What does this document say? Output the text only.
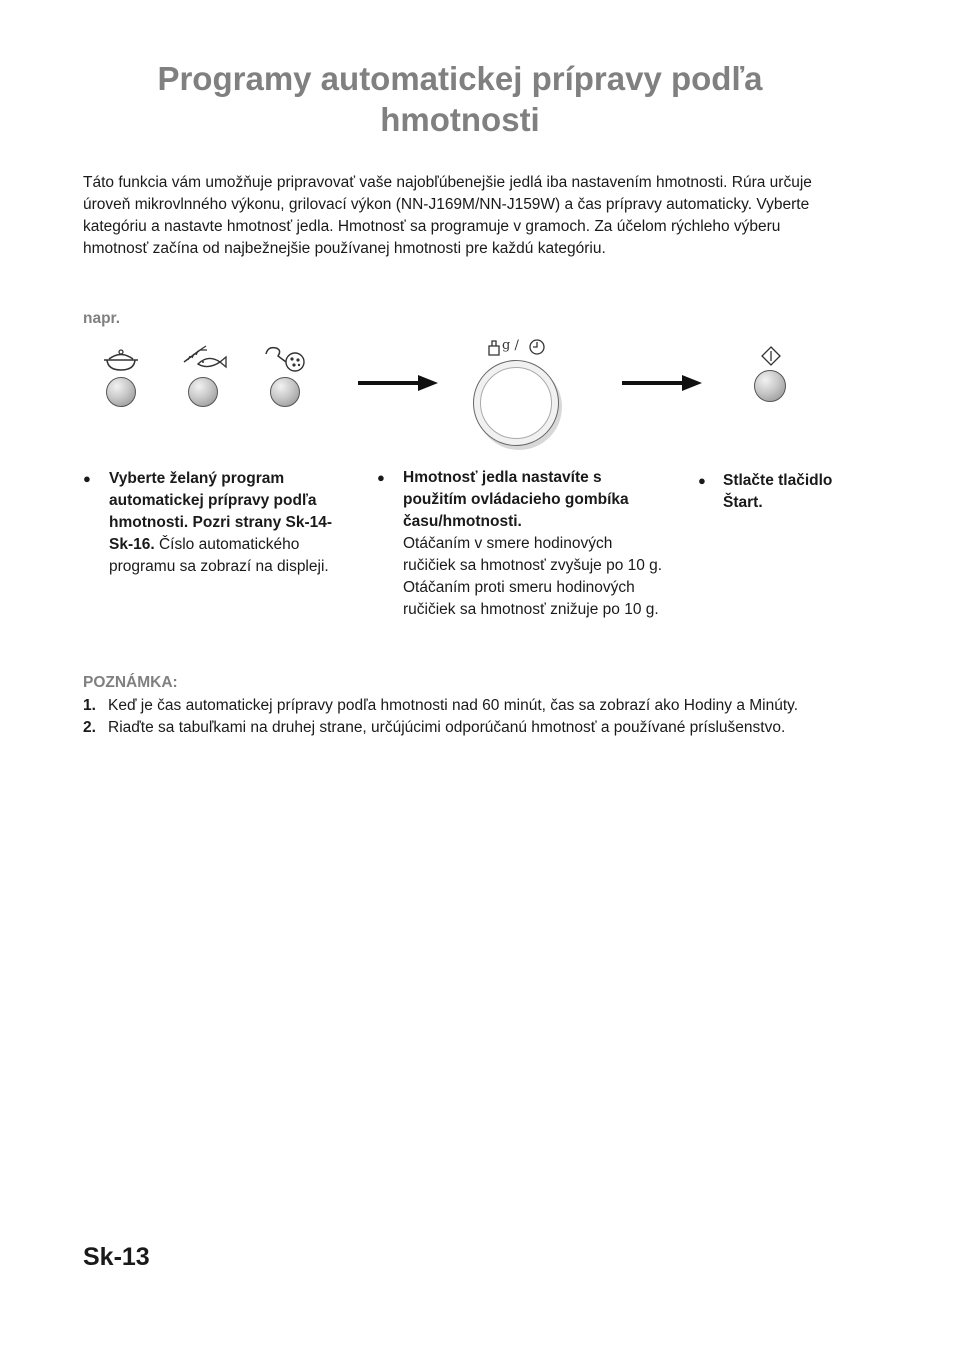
Programy automatickej prípravy podľa
hmotnosti

Táto funkcia vám umožňuje pripravovať vaše najobľúbenejšie jedlá iba nastavením hmotnosti. Rúra určuje úroveň mikrovlnného výkonu, grilovací výkon (NN-J169M/NN-J159W) a čas prípravy automaticky. Vyberte kategóriu a nastavte hmotnosť jedla. Hmotnosť sa programuje v gramoch. Za účelom rýchleho výberu hmotnosť začína od najbežnejšie používanej hmotnosti pre každú kategóriu.

napr.
g /
● Vyberte želaný program automatickej prípravy podľa hmotnosti. Pozri strany Sk-14- Sk-16. Číslo automatického programu sa zobrazí na displeji.
● Hmotnosť jedla nastavíte s použitím ovládacieho gombíka času/hmotnosti.
Otáčaním v smere hodinových ručičiek sa hmotnosť zvyšuje po 10 g. Otáčaním proti smeru hodinových ručičiek sa hmotnosť znižuje po 10 g.
● Stlačte tlačidlo Štart.
POZNÁMKA:
1. Keď je čas automatickej prípravy podľa hmotnosti nad 60 minút, čas sa zobrazí ako Hodiny a Minúty.
2. Riaďte sa tabuľkami na druhej strane, určújúcimi odporúčanú hmotnosť a používané príslušenstvo.
Sk-13
